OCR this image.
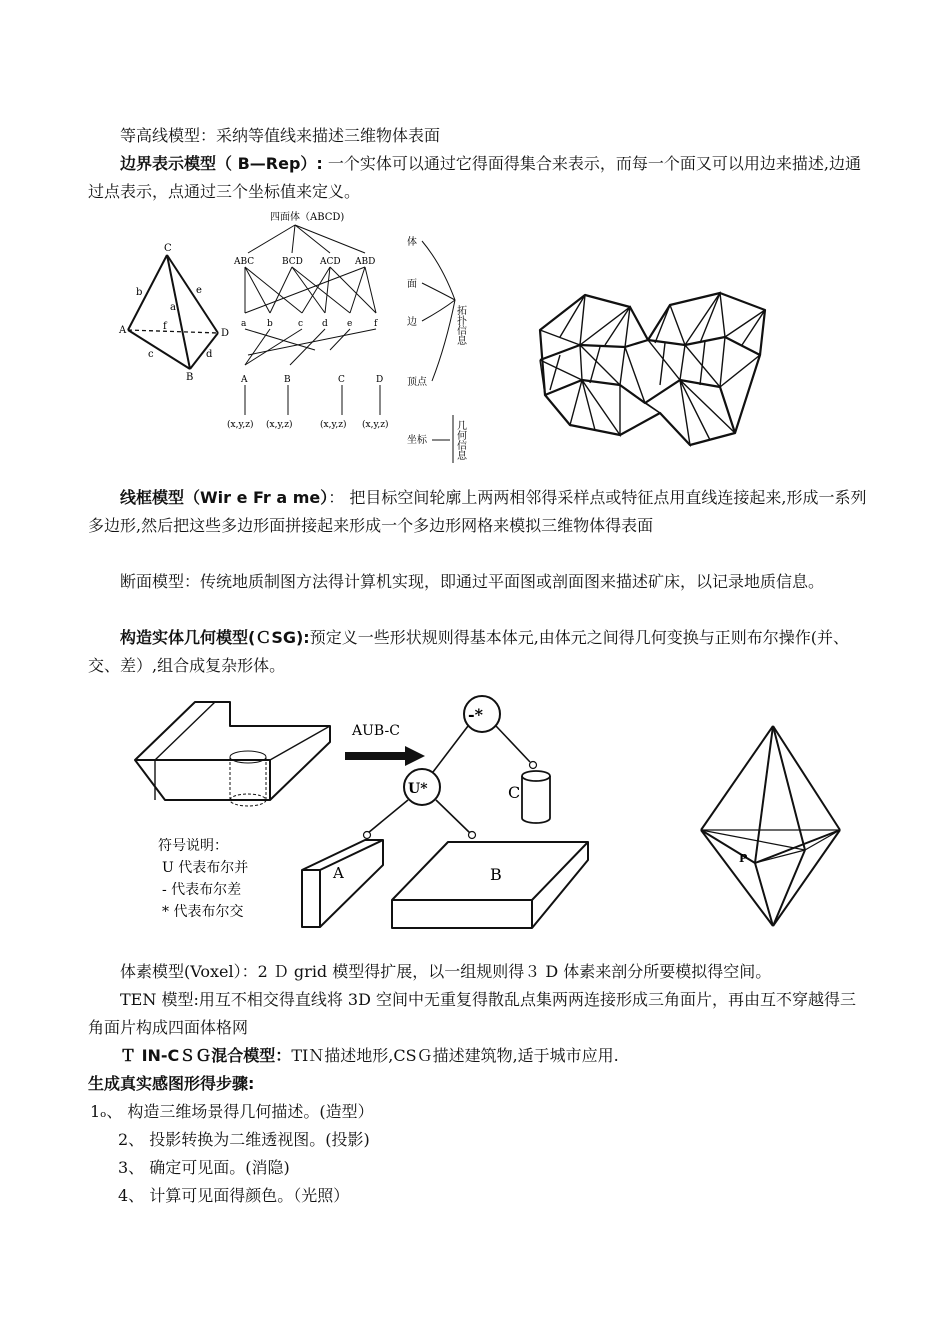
等高线模型：采纳等值线来描述三维物体表面
边界表示模型（ B—Rep）: 一个实体可以通过它得面得集合来表示，而每一个面又可以用边来描述,边通过点表示，点通过三个坐标值来定义。
C
A	D
B
b	e
a
f
c	d
四面体（ABCD)
ABC	BCD ACD ABD
a b	c d e f
A	B	C	D
(x,y,z) (x,y,z)	(x,y,z) (x,y,z)
体
面
边
顶点
坐标
拓扑信息
几何信息
线框模型（Wir e Fr a me）： 把目标空间轮廓上两两相邻得采样点或特征点用直线连接起来,形成一系列多边形,然后把这些多边形面拼接起来形成一个多边形网格来模拟三维物体得表面
断面模型：传统地质制图方法得计算机实现，即通过平面图或剖面图来描述矿床，以记录地质信息。
构造实体几何模型(ＣSG):预定义一些形状规则得基本体元,由体元之间得几何变换与正则布尔操作(并、交、差）,组合成复杂形体。
AUB-C
-*
U*	C
A	B
符号说明：
U 代表布尔并
- 代表布尔差
* 代表布尔交
P
体素模型(Voxel）：2 Ｄ grid 模型得扩展，以一组规则得３ D 体素来剖分所要模拟得空间。
TEN 模型:用互不相交得直线将 3D 空间中无重复得散乱点集两两连接形成三角面片，再由互不穿越得三角面片构成四面体格网
Ｔ IN-CＳＧ混合模型：TIＮ描述地形,CSＧ描述建筑物,适于城市应用.
生成真实感图形得步骤:
1ₒ、 构造三维场景得几何描述。(造型）
2、 投影转换为二维透视图。(投影)
3、 确定可见面。(消隐)
4、 计算可见面得颜色。（光照）
